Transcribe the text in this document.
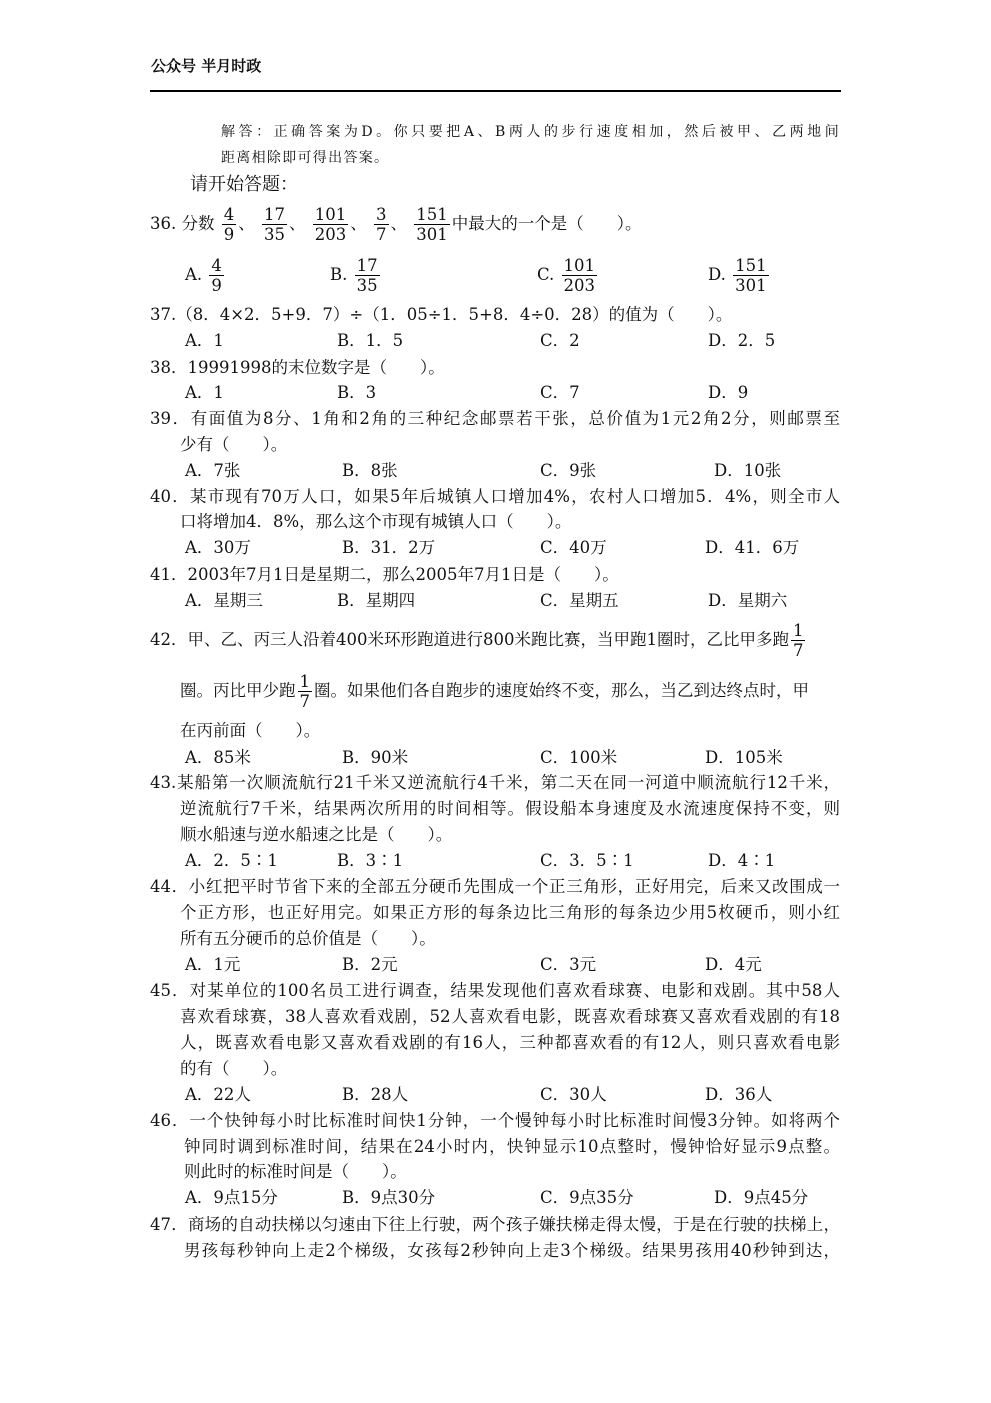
公众号 半月时政
解答：正确答案为D。你只要把A、B两人的步行速度相加，然后被甲、乙两地间
距离相除即可得出答案。
请开始答题：
36. 分数 $\frac{4}{9}$ 、 $\frac{17}{35}$ 、 $\frac{101}{203}$ 、 $\frac{3}{7}$ 、 $\frac{151}{301}$ 中最大的一个是（　　）。
A. $\frac{4}{9}$	B. $\frac{17}{35}$	C. $\frac{101}{203}$	D. $\frac{151}{301}$
37.（8．4×2．5+9．7）÷（1．05÷1．5+8．4÷0．28）的值为（　　）。
A．1	B．1．5	C．2	D．2．5
38．19991998的末位数字是（　　）。
A．1	B．3	C．7	D．9
39．有面值为8分、1角和2角的三种纪念邮票若干张，总价值为1元2角2分，则邮票至
少有（　　）。
A．7张	B．8张	C．9张	D．10张
40．某市现有70万人口，如果5年后城镇人口增加4%，农村人口增加5．4%，则全市人
口将增加4．8%，那么这个市现有城镇人口（　　）。
A．30万	B．31．2万	C．40万	D．41．6万
41．2003年7月1日是星期二，那么2005年7月1日是（　　）。
A．星期三	B．星期四	C．星期五	D．星期六
42．甲、乙、丙三人沿着400米环形跑道进行800米跑比赛，当甲跑1圈时，乙比甲多跑 $\frac{1}{7}$
圈。丙比甲少跑 $\frac{1}{7}$ 圈。如果他们各自跑步的速度始终不变，那么，当乙到达终点时，甲
在丙前面（　　）。
A．85米	B．90米	C．100米	D．105米
43.某船第一次顺流航行21千米又逆流航行4千米，第二天在同一河道中顺流航行12千米，
逆流航行7千米，结果两次所用的时间相等。假设船本身速度及水流速度保持不变，则
顺水船速与逆水船速之比是（　　）。
A．2．5∶1	B．3∶1	C．3．5∶1	D．4∶1
44．小红把平时节省下来的全部五分硬币先围成一个正三角形，正好用完，后来又改围成一
个正方形，也正好用完。如果正方形的每条边比三角形的每条边少用5枚硬币，则小红
所有五分硬币的总价值是（　　）。
A．1元	B．2元	C．3元	D．4元
45．对某单位的100名员工进行调查，结果发现他们喜欢看球赛、电影和戏剧。其中58人
喜欢看球赛，38人喜欢看戏剧，52人喜欢看电影，既喜欢看球赛又喜欢看戏剧的有18
人，既喜欢看电影又喜欢看戏剧的有16人，三种都喜欢看的有12人，则只喜欢看电影
的有（　　）。
A．22人	B．28人	C．30人	D．36人
46．一个快钟每小时比标准时间快1分钟，一个慢钟每小时比标准时间慢3分钟。如将两个
钟同时调到标准时间，结果在24小时内，快钟显示10点整时，慢钟恰好显示9点整。
则此时的标准时间是（　　）。
A．9点15分	B．9点30分	C．9点35分	D．9点45分
47．商场的自动扶梯以匀速由下往上行驶，两个孩子嫌扶梯走得太慢，于是在行驶的扶梯上，
男孩每秒钟向上走2个梯级，女孩每2秒钟向上走3个梯级。结果男孩用40秒钟到达，
